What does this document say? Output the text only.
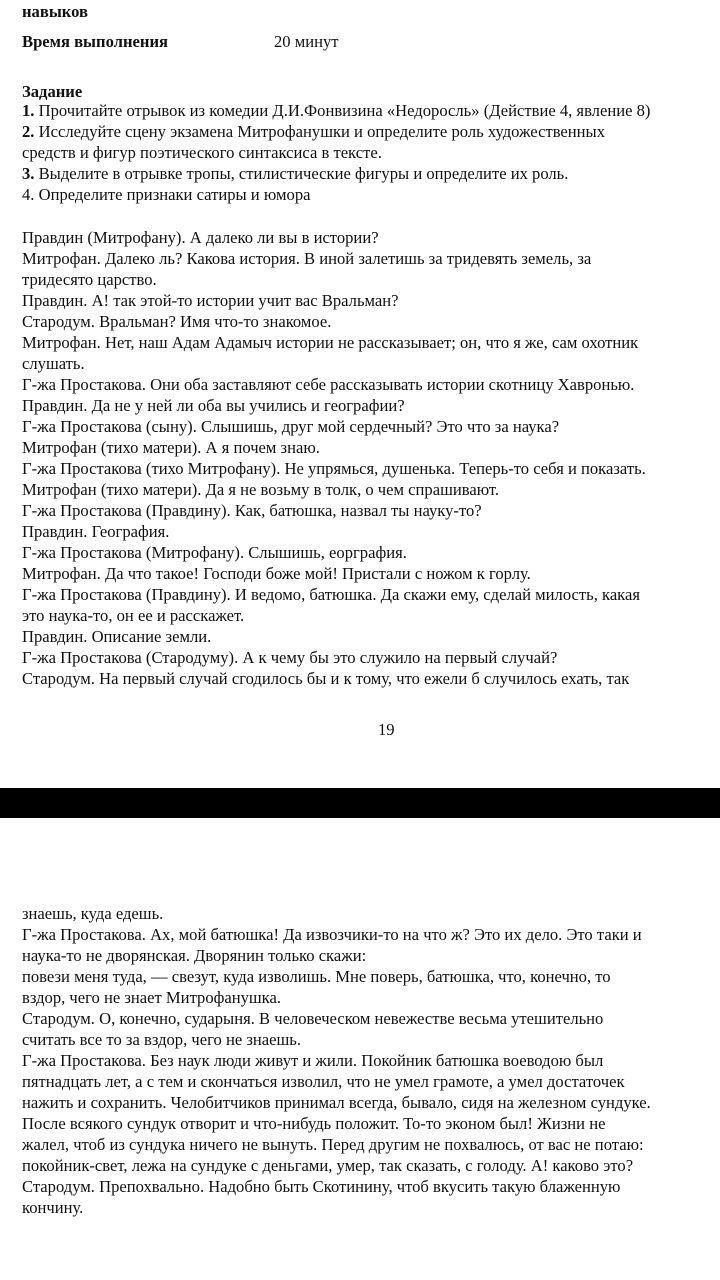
навыков
Время выполнения	20 минут
Задание
1. Прочитайте отрывок из комедии Д.И.Фонвизина «Недоросль» (Действие 4, явление 8)
2. Исследуйте сцену экзамена Митрофанушки и определите роль художественных
средств и фигур поэтического синтаксиса в тексте.
3. Выделите в отрывке тропы, стилистические фигуры и определите их роль.
4. Определите признаки сатиры и юмора
Правдин (Митрофану). А далеко ли вы в истории?
Митрофан. Далеко ль? Какова история. В иной залетишь за тридевять земель, за
тридесято царство.
Правдин. А! так этой-то истории учит вас Вральман?
Стародум. Вральман? Имя что-то знакомое.
Митрофан. Нет, наш Адам Адамыч истории не рассказывает; он, что я же, сам охотник
слушать.
Г-жа Простакова. Они оба заставляют себе рассказывать истории скотницу Хавронью.
Правдин. Да не у ней ли оба вы учились и географии?
Г-жа Простакова (сыну). Слышишь, друг мой сердечный? Это что за наука?
Митрофан (тихо матери). А я почем знаю.
Г-жа Простакова (тихо Митрофану). Не упрямься, душенька. Теперь-то себя и показать.
Митрофан (тихо матери). Да я не возьму в толк, о чем спрашивают.
Г-жа Простакова (Правдину). Как, батюшка, назвал ты науку-то?
Правдин. География.
Г-жа Простакова (Митрофану). Слышишь, еорграфия.
Митрофан. Да что такое! Господи боже мой! Пристали с ножом к горлу.
Г-жа Простакова (Правдину). И ведомо, батюшка. Да скажи ему, сделай милость, какая
это наука-то, он ее и расскажет.
Правдин. Описание земли.
Г-жа Простакова (Стародуму). А к чему бы это служило на первый случай?
Стародум. На первый случай сгодилось бы и к тому, что ежели б случилось ехать, так
19
знаешь, куда едешь.
Г-жа Простакова. Ах, мой батюшка! Да извозчики-то на что ж? Это их дело. Это таки и
наука-то не дворянская. Дворянин только скажи:
повези меня туда, — свезут, куда изволишь. Мне поверь, батюшка, что, конечно, то
вздор, чего не знает Митрофанушка.
Стародум. О, конечно, сударыня. В человеческом невежестве весьма утешительно
считать все то за вздор, чего не знаешь.
Г-жа Простакова. Без наук люди живут и жили. Покойник батюшка воеводою был
пятнадцать лет, а с тем и скончаться изволил, что не умел грамоте, а умел достаточек
нажить и сохранить. Челобитчиков принимал всегда, бывало, сидя на железном сундуке.
После всякого сундук отворит и что-нибудь положит. То-то эконом был! Жизни не
жалел, чтоб из сундука ничего не вынуть. Перед другим не похвалюсь, от вас не потаю:
покойник-свет, лежа на сундуке с деньгами, умер, так сказать, с голоду. А! каково это?
Стародум. Препохвально. Надобно быть Скотинину, чтоб вкусить такую блаженную
кончину.
